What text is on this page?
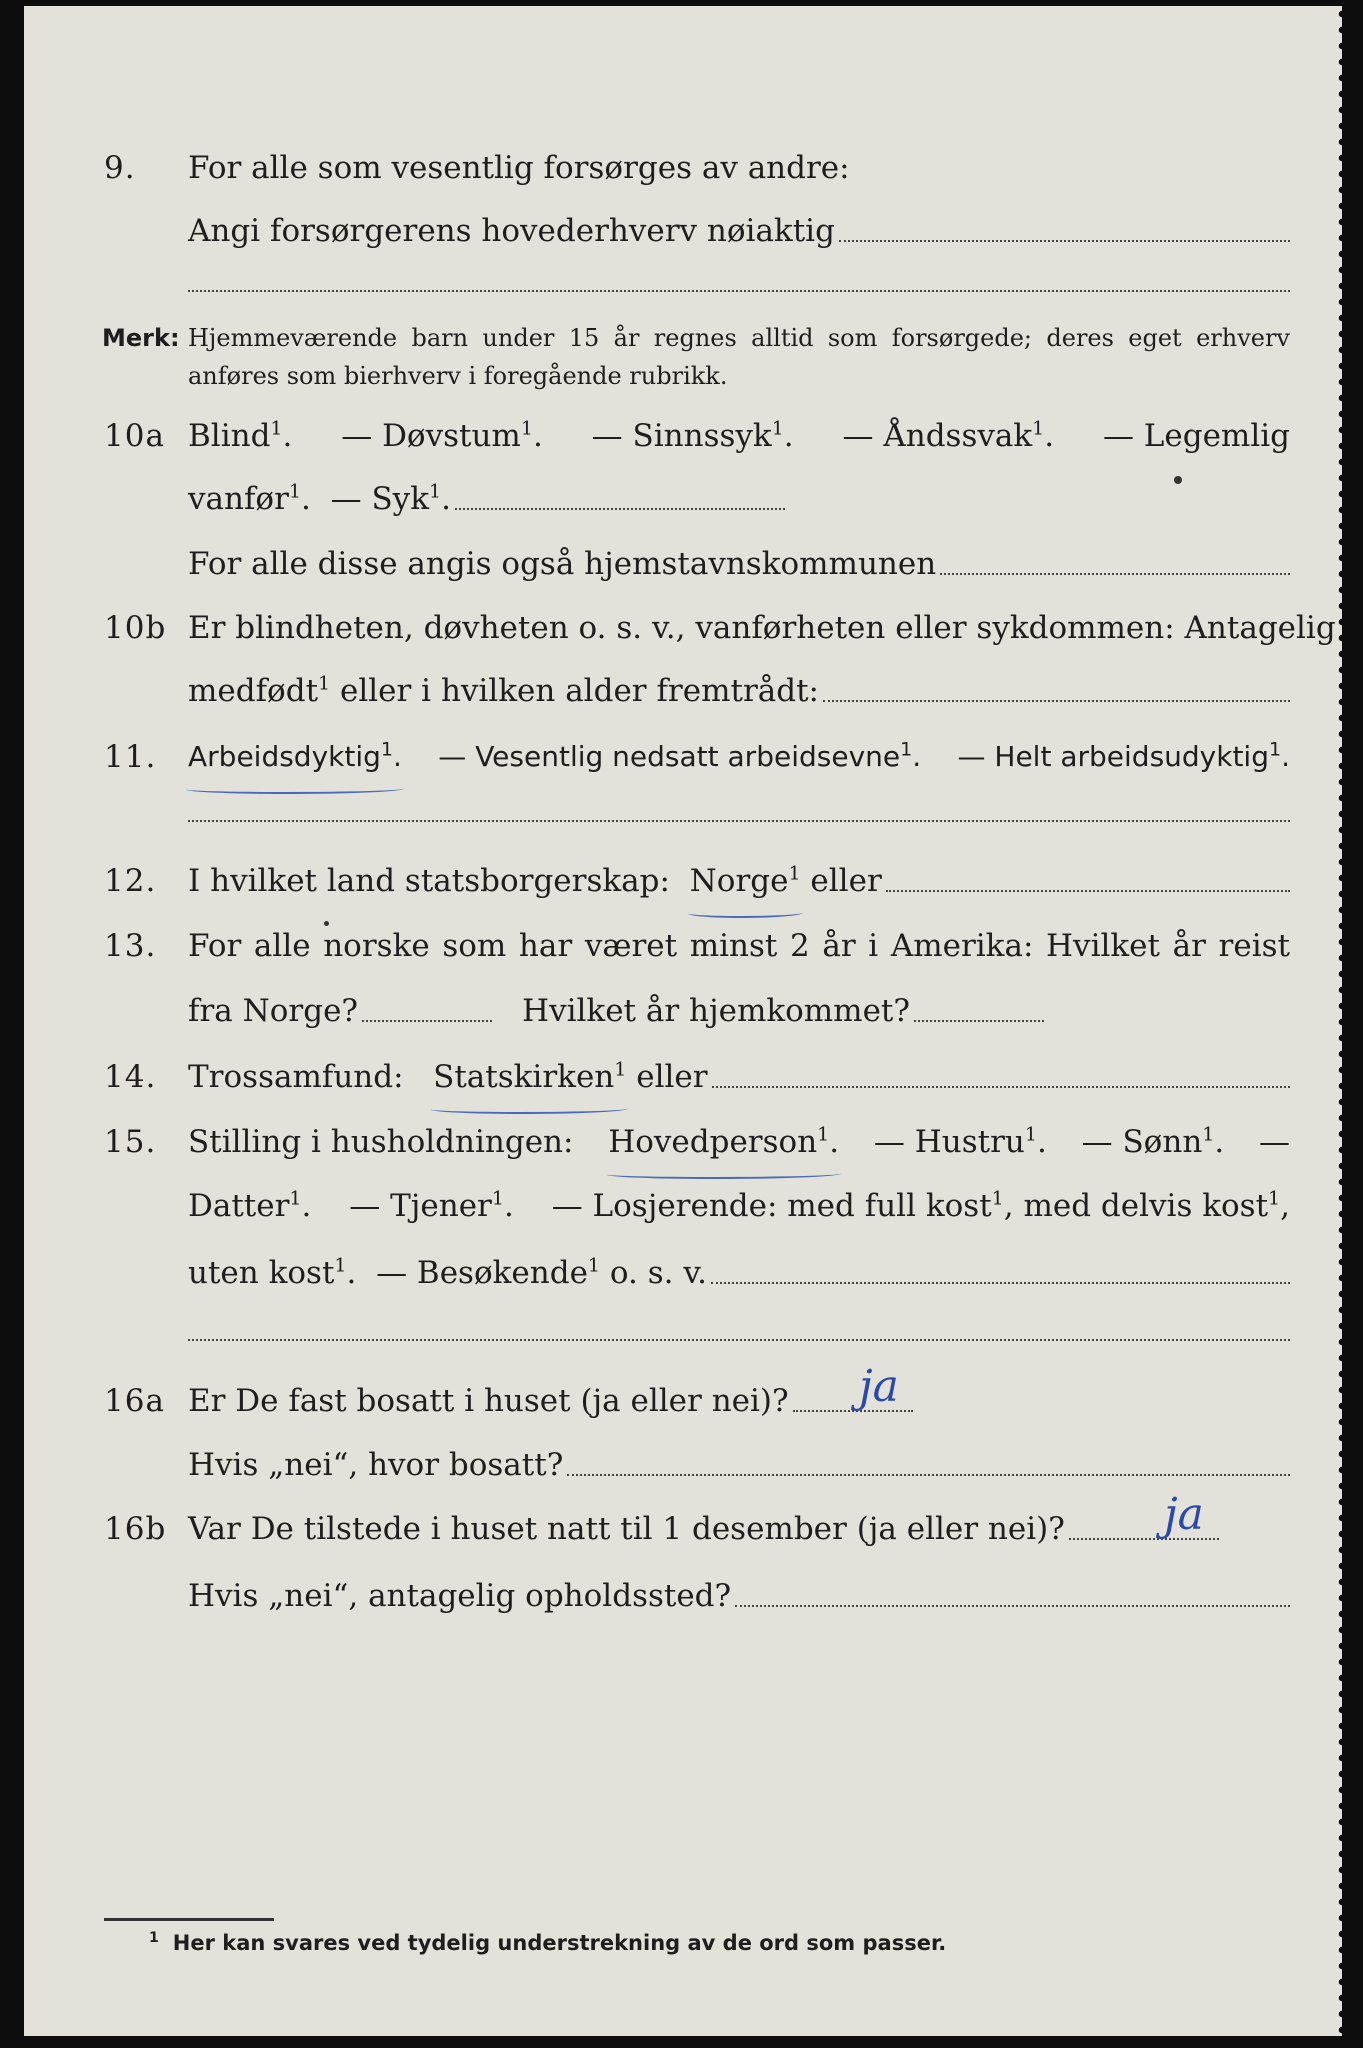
9.	For alle som vesentlig forsørges av andre:
Angi forsørgerens hovederhverv nøiaktig
Merk: Hjemmeværende barn under 15 år regnes alltid som forsørgede; deres eget erhverv
anføres som bierhverv i foregående rubrikk.
10a Blind$^1$. — Døvstum$^1$. — Sinnssyk$^1$. — Åndssvak$^1$. — Legemlig
vanfør$^1$.
— Syk$^1$.
For alle disse angis også hjemstavnskommunen
10b Er blindheten, døvheten o. s. v., vanførheten eller sykdommen: Antagelig
medfødt$^1$
eller i hvilken alder fremtrådt:
11.	Arbeidsdyktig$^1$. — Vesentlig nedsatt arbeidsevne$^1$. — Helt arbeidsudyktig$^1$.
12.	I hvilket land statsborgerskap:
Norge$^1$
eller
13.	For alle norske som har været minst 2 år i Amerika: Hvilket år reist
fra Norge?	Hvilket år hjemkommet?
14.	Trossamfund:
Statskirken$^1$
eller
15.	Stilling i husholdningen: Hovedperson$^1$. — Hustru$^1$. — Sønn$^1$. —
Datter$^1$. — Tjener$^1$. — Losjerende: med full kost$^1$, med delvis kost$^1$,
uten kost$^1$.
— Besøkende$^1$
o. s. v.
16a Er De fast bosatt i huset (ja eller nei)? ja
Hvis „nei“, hvor bosatt?
16b Var De tilstede i huset natt til 1 desember (ja eller nei)? ja
Hvis „nei“, antagelig opholdssted?
$^1$ Her kan svares ved tydelig understrekning av de ord som passer.
